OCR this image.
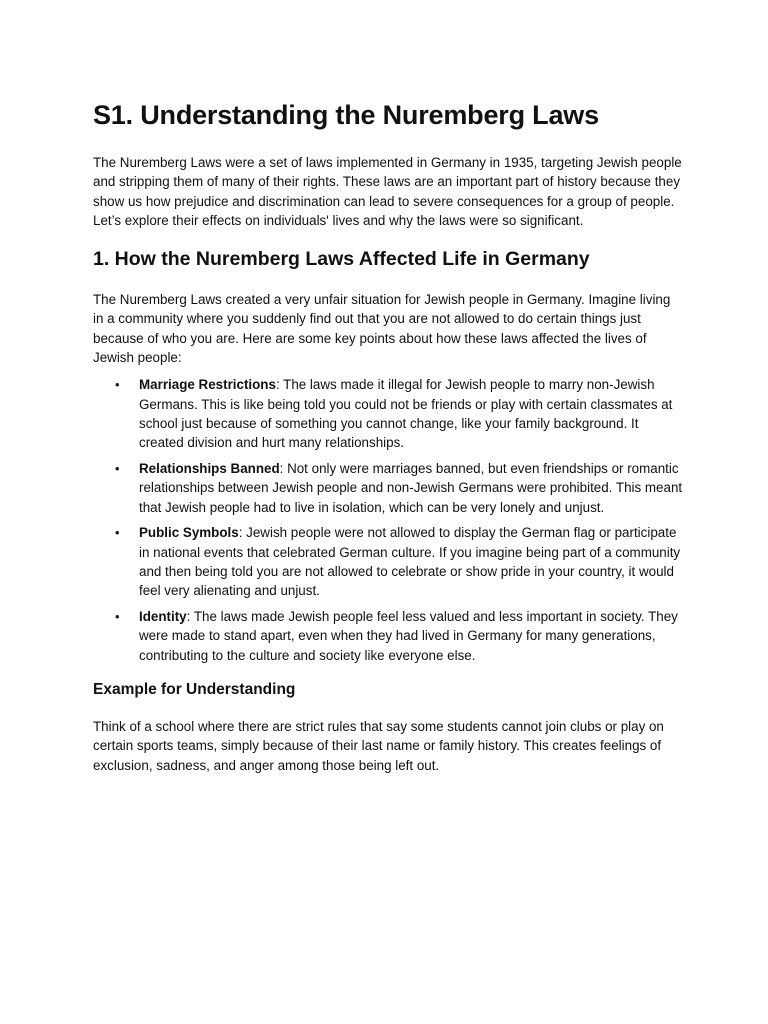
S1. Understanding the Nuremberg Laws

The Nuremberg Laws were a set of laws implemented in Germany in 1935, targeting Jewish people and stripping them of many of their rights. These laws are an important part of history because they show us how prejudice and discrimination can lead to severe consequences for a group of people. Let’s explore their effects on individuals' lives and why the laws were so significant.

1. How the Nuremberg Laws Affected Life in Germany

The Nuremberg Laws created a very unfair situation for Jewish people in Germany. Imagine living in a community where you suddenly find out that you are not allowed to do certain things just because of who you are. Here are some key points about how these laws affected the lives of Jewish people:

• Marriage Restrictions: The laws made it illegal for Jewish people to marry non-Jewish Germans. This is like being told you could not be friends or play with certain classmates at school just because of something you cannot change, like your family background. It created division and hurt many relationships.
• Relationships Banned: Not only were marriages banned, but even friendships or romantic relationships between Jewish people and non-Jewish Germans were prohibited. This meant that Jewish people had to live in isolation, which can be very lonely and unjust.
• Public Symbols: Jewish people were not allowed to display the German flag or participate in national events that celebrated German culture. If you imagine being part of a community and then being told you are not allowed to celebrate or show pride in your country, it would feel very alienating and unjust.
• Identity: The laws made Jewish people feel less valued and less important in society. They were made to stand apart, even when they had lived in Germany for many generations, contributing to the culture and society like everyone else.
Example for Understanding

Think of a school where there are strict rules that say some students cannot join clubs or play on certain sports teams, simply because of their last name or family history. This creates feelings of exclusion, sadness, and anger among those being left out.
